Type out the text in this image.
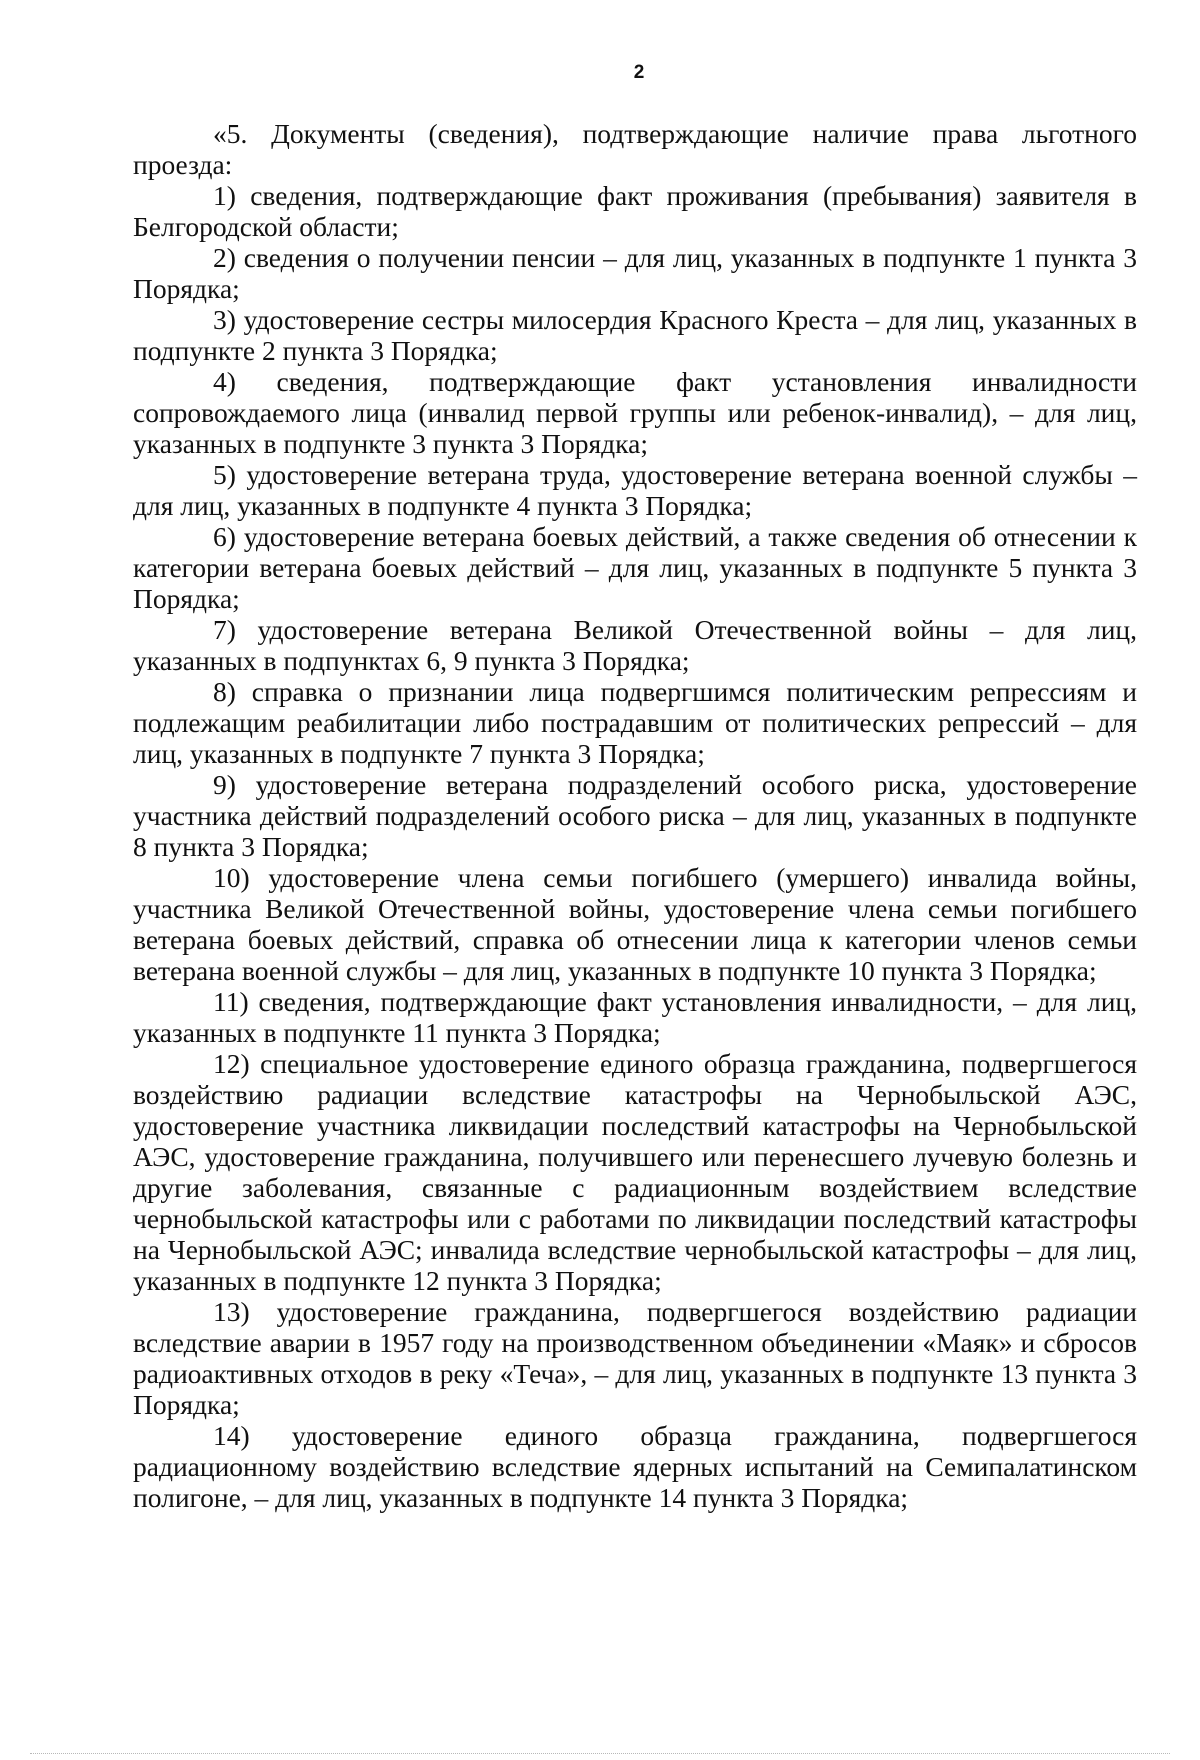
2

«5. Документы (сведения), подтверждающие наличие права льготного проезда:

1) сведения, подтверждающие факт проживания (пребывания) заявителя в Белгородской области;

2) сведения о получении пенсии – для лиц, указанных в подпункте 1 пункта 3 Порядка;

3) удостоверение сестры милосердия Красного Креста – для лиц, указанных в подпункте 2 пункта 3 Порядка;

4) сведения, подтверждающие факт установления инвалидности сопровождаемого лица (инвалид первой группы или ребенок-инвалид), – для лиц, указанных в подпункте 3 пункта 3 Порядка;

5) удостоверение ветерана труда, удостоверение ветерана военной службы – для лиц, указанных в подпункте 4 пункта 3 Порядка;

6) удостоверение ветерана боевых действий, а также сведения об отнесении к категории ветерана боевых действий – для лиц, указанных в подпункте 5 пункта 3 Порядка;

7) удостоверение ветерана Великой Отечественной войны – для лиц, указанных в подпунктах 6, 9 пункта 3 Порядка;

8) справка о признании лица подвергшимся политическим репрессиям и подлежащим реабилитации либо пострадавшим от политических репрессий – для лиц, указанных в подпункте 7 пункта 3 Порядка;

9) удостоверение ветерана подразделений особого риска, удостоверение участника действий подразделений особого риска – для лиц, указанных в подпункте 8 пункта 3 Порядка;

10) удостоверение члена семьи погибшего (умершего) инвалида войны, участника Великой Отечественной войны, удостоверение члена семьи погибшего ветерана боевых действий, справка об отнесении лица к категории членов семьи ветерана военной службы – для лиц, указанных в подпункте 10 пункта 3 Порядка;

11) сведения, подтверждающие факт установления инвалидности, – для лиц, указанных в подпункте 11 пункта 3 Порядка;

12) специальное удостоверение единого образца гражданина, подвергшегося воздействию радиации вследствие катастрофы на Чернобыльской АЭС, удостоверение участника ликвидации последствий катастрофы на Чернобыльской АЭС, удостоверение гражданина, получившего или перенесшего лучевую болезнь и другие заболевания, связанные с радиационным воздействием вследствие чернобыльской катастрофы или с работами по ликвидации последствий катастрофы на Чернобыльской АЭС; инвалида вследствие чернобыльской катастрофы – для лиц, указанных в подпункте 12 пункта 3 Порядка;

13) удостоверение гражданина, подвергшегося воздействию радиации вследствие аварии в 1957 году на производственном объединении «Маяк» и сбросов радиоактивных отходов в реку «Теча», – для лиц, указанных в подпункте 13 пункта 3 Порядка;

14) удостоверение единого образца гражданина, подвергшегося радиационному воздействию вследствие ядерных испытаний на Семипалатинском полигоне, – для лиц, указанных в подпункте 14 пункта 3 Порядка;
